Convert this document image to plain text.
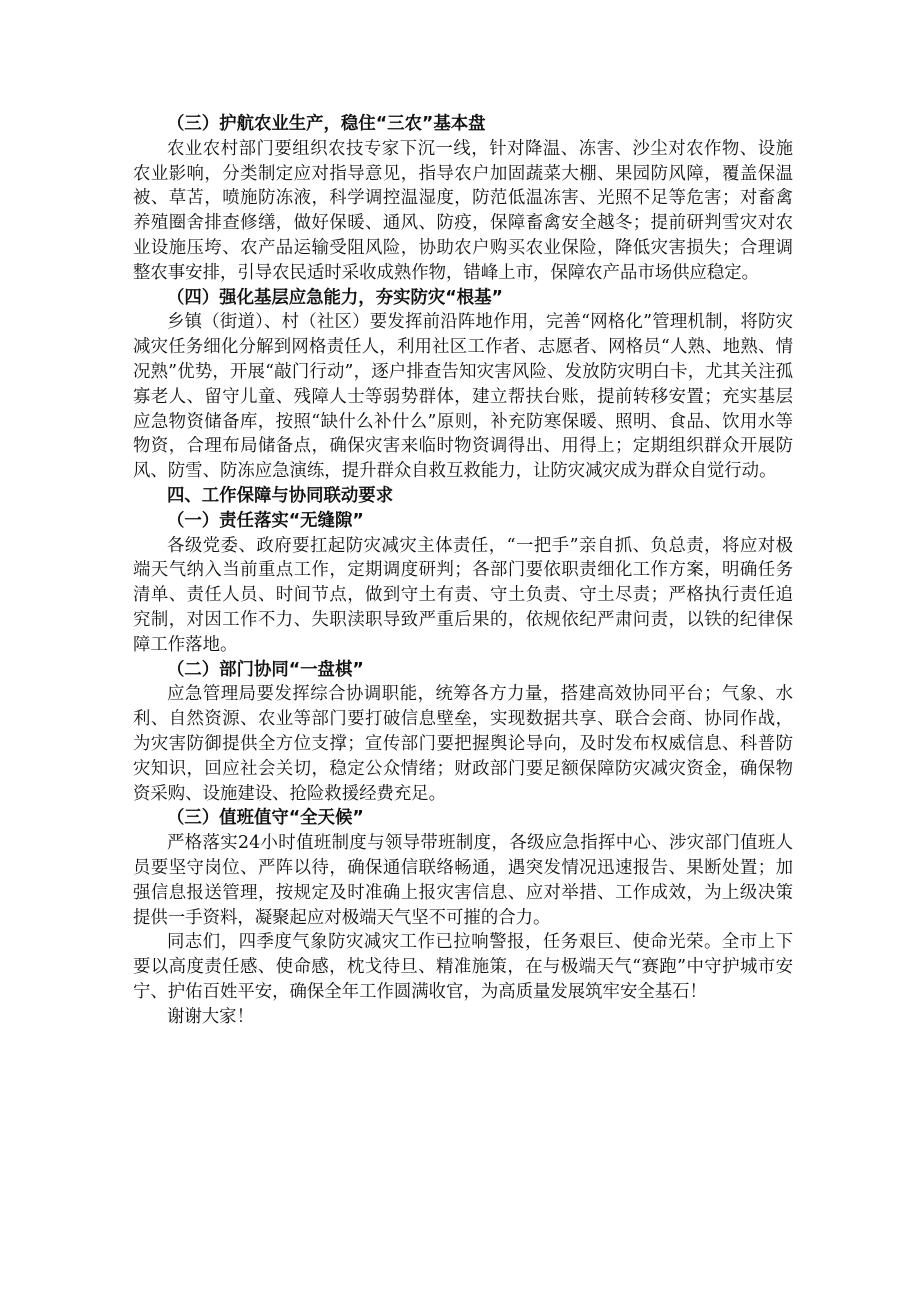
（三）护航农业生产，稳住“三农”基本盘

农业农村部门要组织农技专家下沉一线，针对降温、冻害、沙尘对农作物、设施农业影响，分类制定应对指导意见，指导农户加固蔬菜大棚、果园防风障，覆盖保温被、草苫，喷施防冻液，科学调控温湿度，防范低温冻害、光照不足等危害；对畜禽养殖圈舍排查修缮，做好保暖、通风、防疫，保障畜禽安全越冬；提前研判雪灾对农业设施压垮、农产品运输受阻风险，协助农户购买农业保险，降低灾害损失；合理调整农事安排，引导农民适时采收成熟作物，错峰上市，保障农产品市场供应稳定。

（四）强化基层应急能力，夯实防灾“根基”

乡镇（街道）、村（社区）要发挥前沿阵地作用，完善“网格化”管理机制，将防灾减灾任务细化分解到网格责任人，利用社区工作者、志愿者、网格员“人熟、地熟、情况熟”优势，开展“敲门行动”，逐户排查告知灾害风险、发放防灾明白卡，尤其关注孤寡老人、留守儿童、残障人士等弱势群体，建立帮扶台账，提前转移安置；充实基层应急物资储备库，按照“缺什么补什么”原则，补充防寒保暖、照明、食品、饮用水等物资，合理布局储备点，确保灾害来临时物资调得出、用得上；定期组织群众开展防风、防雪、防冻应急演练，提升群众自救互救能力，让防灾减灾成为群众自觉行动。

四、工作保障与协同联动要求

（一）责任落实“无缝隙”

各级党委、政府要扛起防灾减灾主体责任，“一把手”亲自抓、负总责，将应对极端天气纳入当前重点工作，定期调度研判；各部门要依职责细化工作方案，明确任务清单、责任人员、时间节点，做到守土有责、守土负责、守土尽责；严格执行责任追究制，对因工作不力、失职渎职导致严重后果的，依规依纪严肃问责，以铁的纪律保障工作落地。

（二）部门协同“一盘棋”

应急管理局要发挥综合协调职能，统筹各方力量，搭建高效协同平台；气象、水利、自然资源、农业等部门要打破信息壁垒，实现数据共享、联合会商、协同作战，为灾害防御提供全方位支撑；宣传部门要把握舆论导向，及时发布权威信息、科普防灾知识，回应社会关切，稳定公众情绪；财政部门要足额保障防灾减灾资金，确保物资采购、设施建设、抢险救援经费充足。

（三）值班值守“全天候”

严格落实24小时值班制度与领导带班制度，各级应急指挥中心、涉灾部门值班人员要坚守岗位、严阵以待，确保通信联络畅通，遇突发情况迅速报告、果断处置；加强信息报送管理，按规定及时准确上报灾害信息、应对举措、工作成效，为上级决策提供一手资料，凝聚起应对极端天气坚不可摧的合力。

同志们，四季度气象防灾减灾工作已拉响警报，任务艰巨、使命光荣。全市上下要以高度责任感、使命感，枕戈待旦、精准施策，在与极端天气“赛跑”中守护城市安宁、护佑百姓平安，确保全年工作圆满收官，为高质量发展筑牢安全基石！

谢谢大家！
